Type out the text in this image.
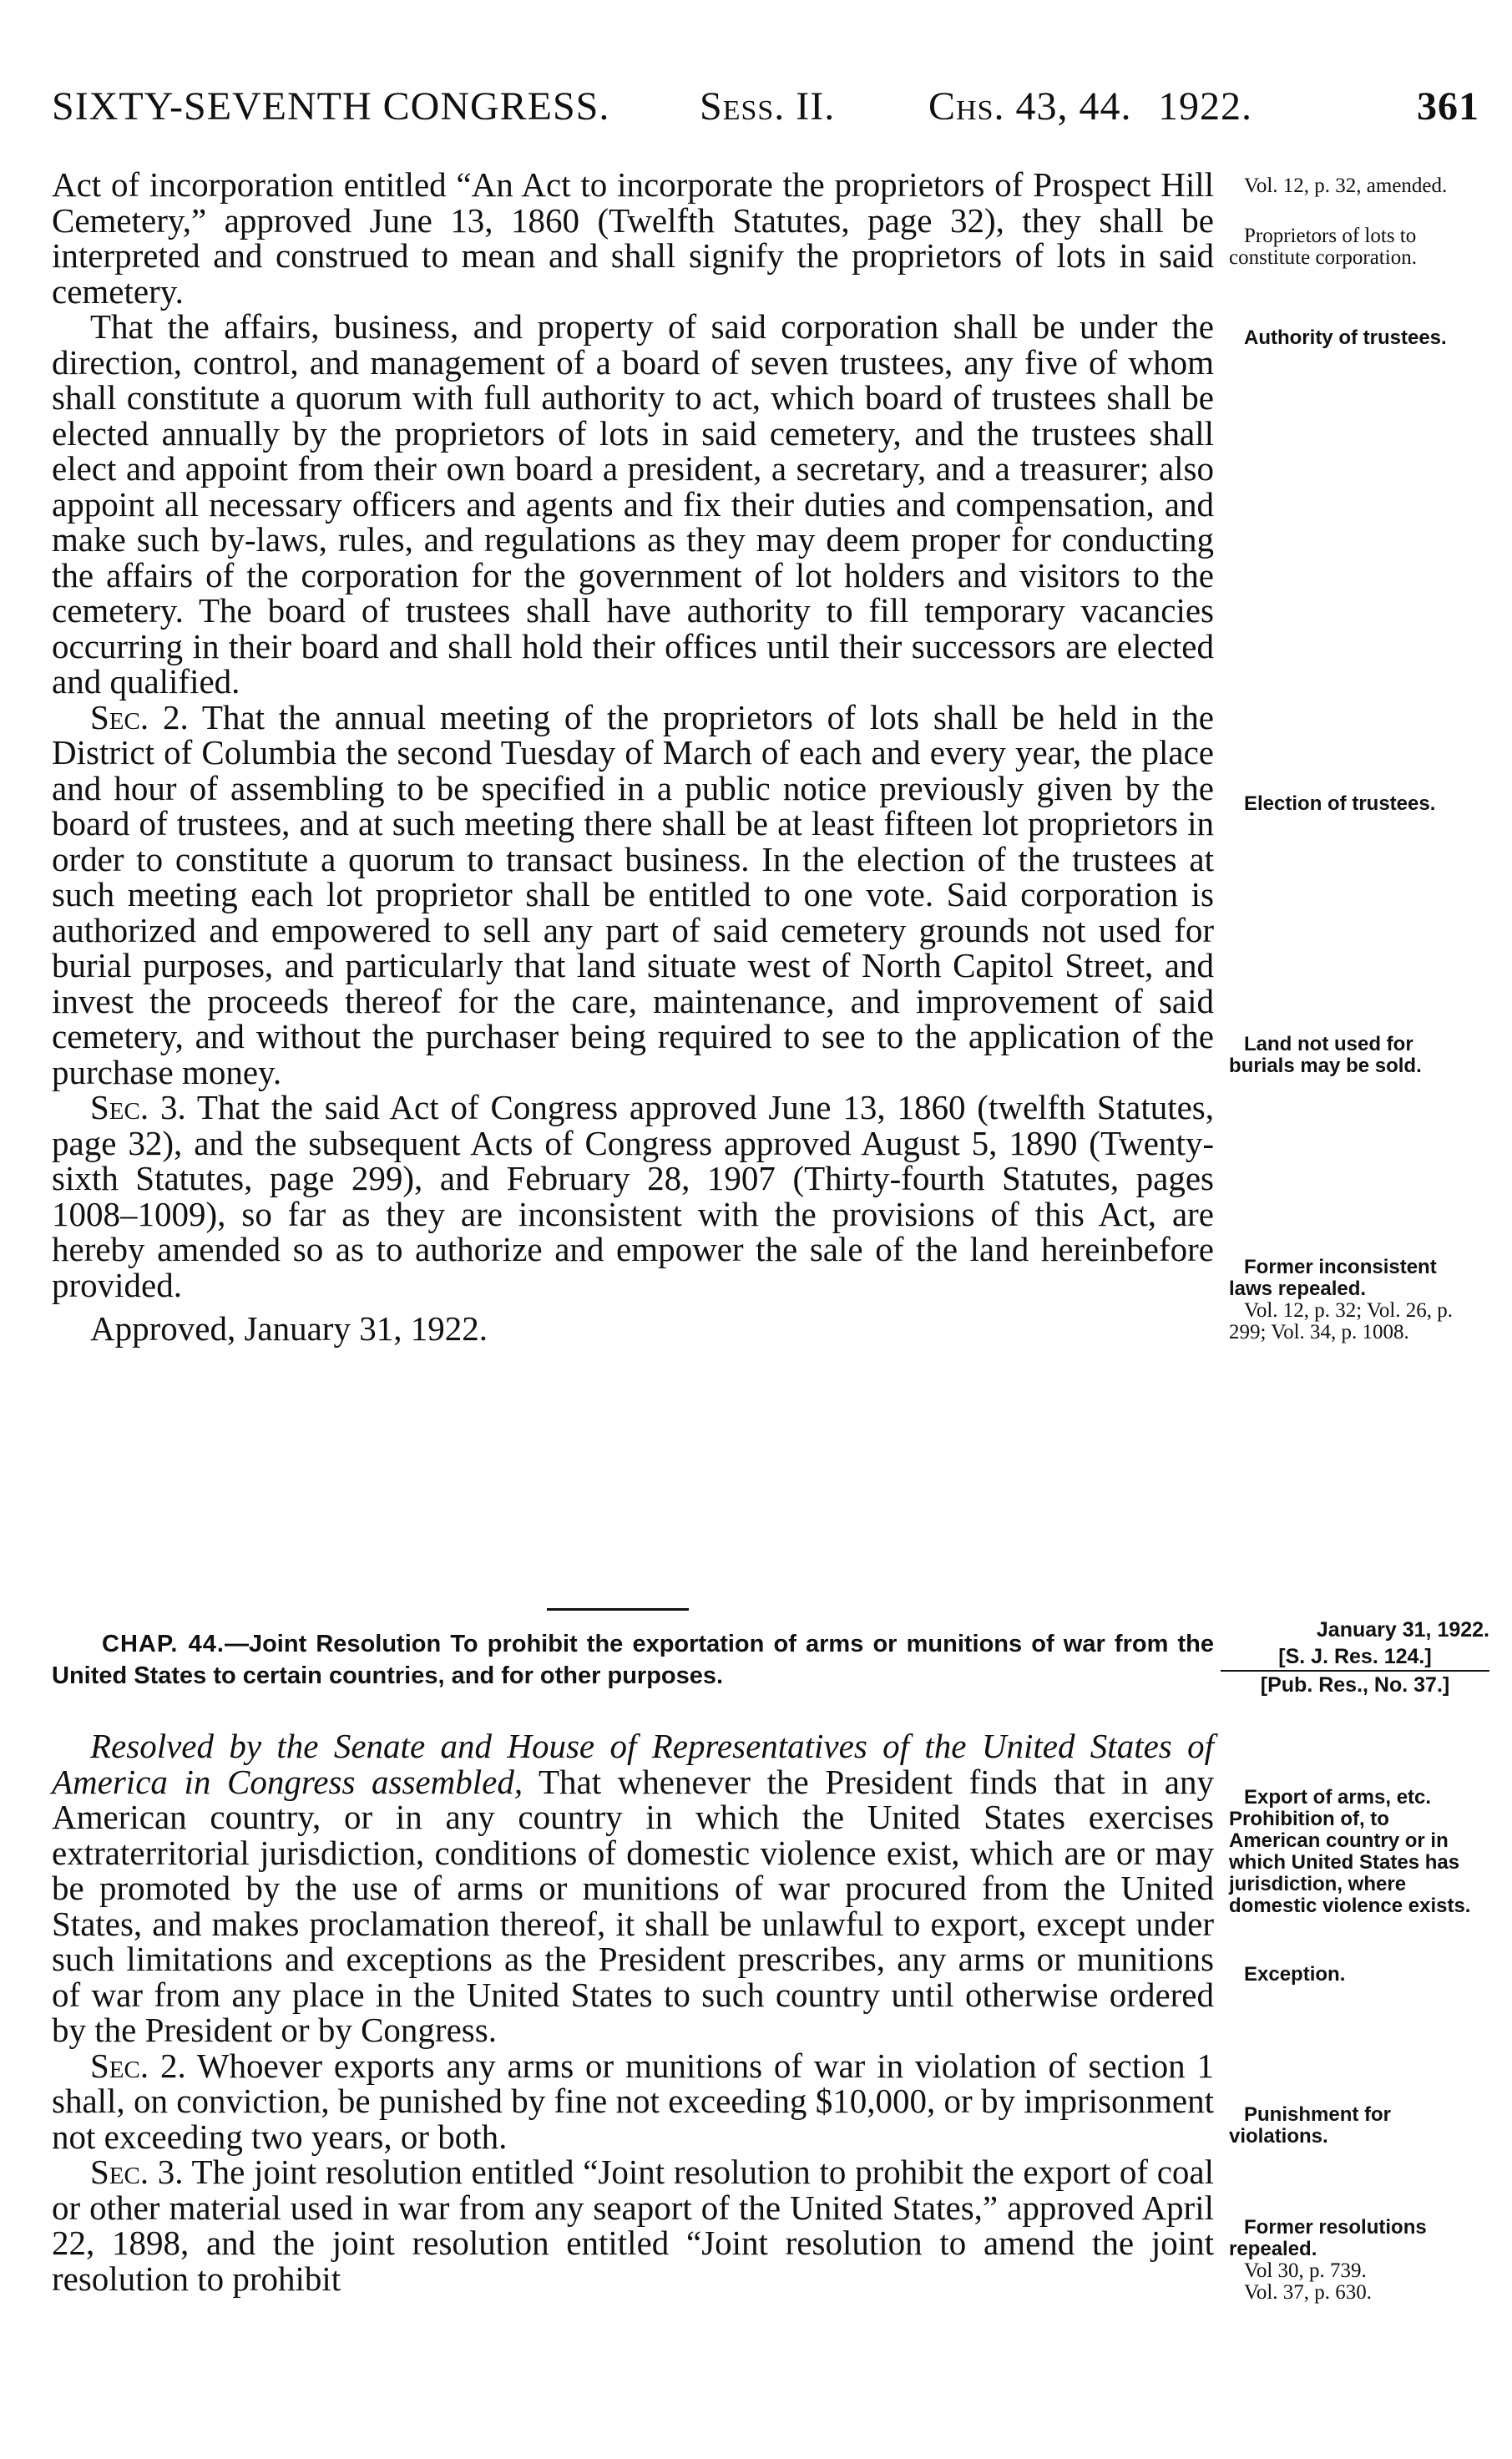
SIXTY-SEVENTH CONGRESS. Sess. II. Chs. 43, 44. 1922.	361

Act of incorporation entitled “An Act to incorporate the proprietors of Prospect Hill Cemetery,” approved June 13, 1860 (Twelfth Statutes, page 32), they shall be interpreted and construed to mean and shall signify the proprietors of lots in said cemetery.

That the affairs, business, and property of said corporation shall be under the direction, control, and management of a board of seven trustees, any five of whom shall constitute a quorum with full authority to act, which board of trustees shall be elected annually by the proprietors of lots in said cemetery, and the trustees shall elect and appoint from their own board a president, a secretary, and a treasurer; also appoint all necessary officers and agents and fix their duties and compensation, and make such by-laws, rules, and regulations as they may deem proper for conducting the affairs of the corporation for the government of lot holders and visitors to the cemetery. The board of trustees shall have authority to fill temporary vacancies occurring in their board and shall hold their offices until their successors are elected and qualified.

Sec. 2. That the annual meeting of the proprietors of lots shall be held in the District of Columbia the second Tuesday of March of each and every year, the place and hour of assembling to be specified in a public notice previously given by the board of trustees, and at such meeting there shall be at least fifteen lot proprietors in order to constitute a quorum to transact business. In the election of the trustees at such meeting each lot proprietor shall be entitled to one vote. Said corporation is authorized and empowered to sell any part of said cemetery grounds not used for burial purposes, and particularly that land situate west of North Capitol Street, and invest the proceeds thereof for the care, maintenance, and improvement of said cemetery, and without the purchaser being required to see to the application of the purchase money.

Sec. 3. That the said Act of Congress approved June 13, 1860 (twelfth Statutes, page 32), and the subsequent Acts of Congress approved August 5, 1890 (Twenty-sixth Statutes, page 299), and February 28, 1907 (Thirty-fourth Statutes, pages 1008–1009), so far as they are inconsistent with the provisions of this Act, are hereby amended so as to authorize and empower the sale of the land hereinbefore provided.

Approved, January 31, 1922.

CHAP. 44.—Joint Resolution To prohibit the exportation of arms or munitions of war from the United States to certain countries, and for other purposes.
January 31, 1922.
[S. J. Res. 124.]
[Pub. Res., No. 37.]

Resolved by the Senate and House of Representatives of the United States of America in Congress assembled, That whenever the President finds that in any American country, or in any country in which the United States exercises extraterritorial jurisdiction, conditions of domestic violence exist, which are or may be promoted by the use of arms or munitions of war procured from the United States, and makes proclamation thereof, it shall be unlawful to export, except under such limitations and exceptions as the President prescribes, any arms or munitions of war from any place in the United States to such country until otherwise ordered by the President or by Congress.

Sec. 2. Whoever exports any arms or munitions of war in violation of section 1 shall, on conviction, be punished by fine not exceeding $10,000, or by imprisonment not exceeding two years, or both.

Sec. 3. The joint resolution entitled “Joint resolution to prohibit the export of coal or other material used in war from any seaport of the United States,” approved April 22, 1898, and the joint resolution entitled “Joint resolution to amend the joint resolution to prohibit

Vol. 12, p. 32, amended.

Proprietors of lots to constitute corporation.

Authority of trustees.

Election of trustees.

Land not used for burials may be sold.

Former inconsistent laws repealed.

Vol. 12, p. 32; Vol. 26, p. 299; Vol. 34, p. 1008.

Export of arms, etc. Prohibition of, to American country or in which United States has jurisdiction, where domestic violence exists.

Exception.

Punishment for violations.

Former resolutions repealed.

Vol 30, p. 739.

Vol. 37, p. 630.
